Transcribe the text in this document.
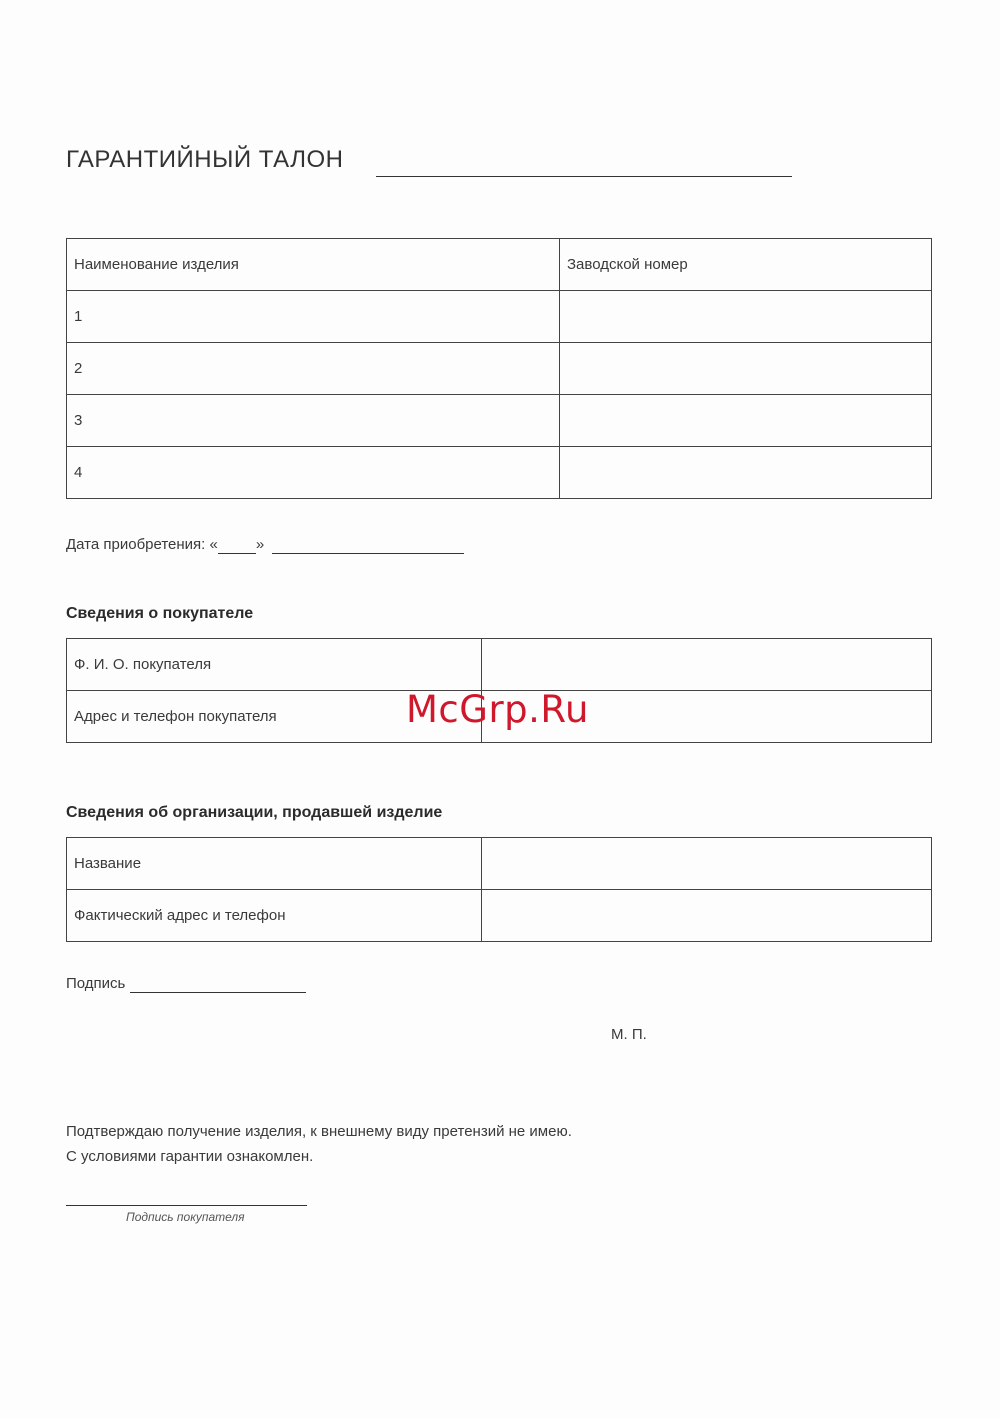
ГАРАНТИЙНЫЙ ТАЛОН
Наименование изделия	Заводской номер
1	
2	
3	
4	
Дата приобретения: «	»
Сведения о покупателе
Ф. И. О. покупателя	
Адрес и телефон покупателя		McGrp.Ru
Сведения об организации, продавшей изделие
Название	
Фактический адрес и телефон	
Подпись
М. П.
Подтверждаю получение изделия, к внешнему виду претензий не имею.
С условиями гарантии ознакомлен.
Подпись покупателя
